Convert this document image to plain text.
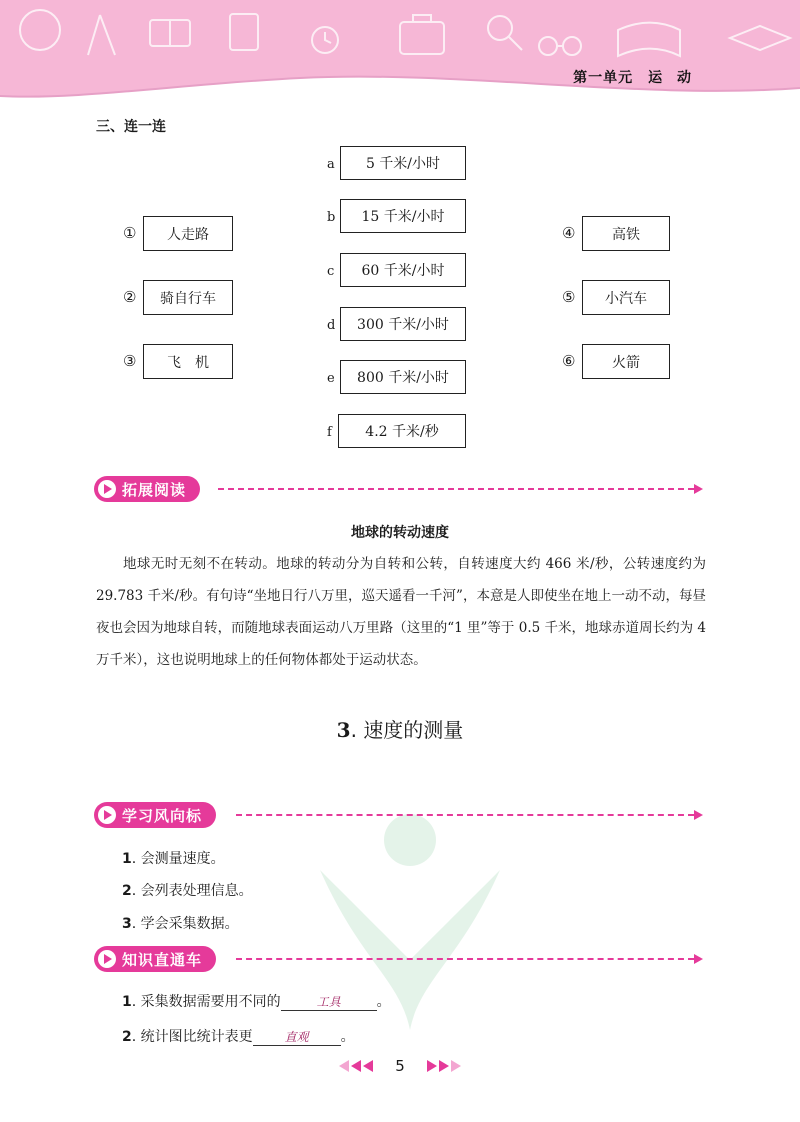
第一单元　运 动
三、连一连
①	人走路
②	骑自行车
③	飞　机
a	5 千米/小时
b	15 千米/小时
c	60 千米/小时
d	300 千米/小时
e	800 千米/小时
f	4.2 千米/秒
④	高铁
⑤	小汽车
⑥	火箭
拓展阅读
地球的转动速度
地球无时无刻不在转动。地球的转动分为自转和公转，自转速度大约 466 米/秒，公转速度约为 29.783 千米/秒。有句诗“坐地日行八万里，巡天遥看一千河”，本意是人即使坐在地上一动不动，每昼夜也会因为地球自转，而随地球表面运动八万里路（这里的“1 里”等于 0.5 千米，地球赤道周长约为 4 万千米），这也说明地球上的任何物体都处于运动状态。
3. 速度的测量
学习风向标
1. 会测量速度。
2. 会列表处理信息。
3. 学会采集数据。
知识直通车
1. 采集数据需要用不同的	工具	。
2. 统计图比统计表更	直观 。
5
